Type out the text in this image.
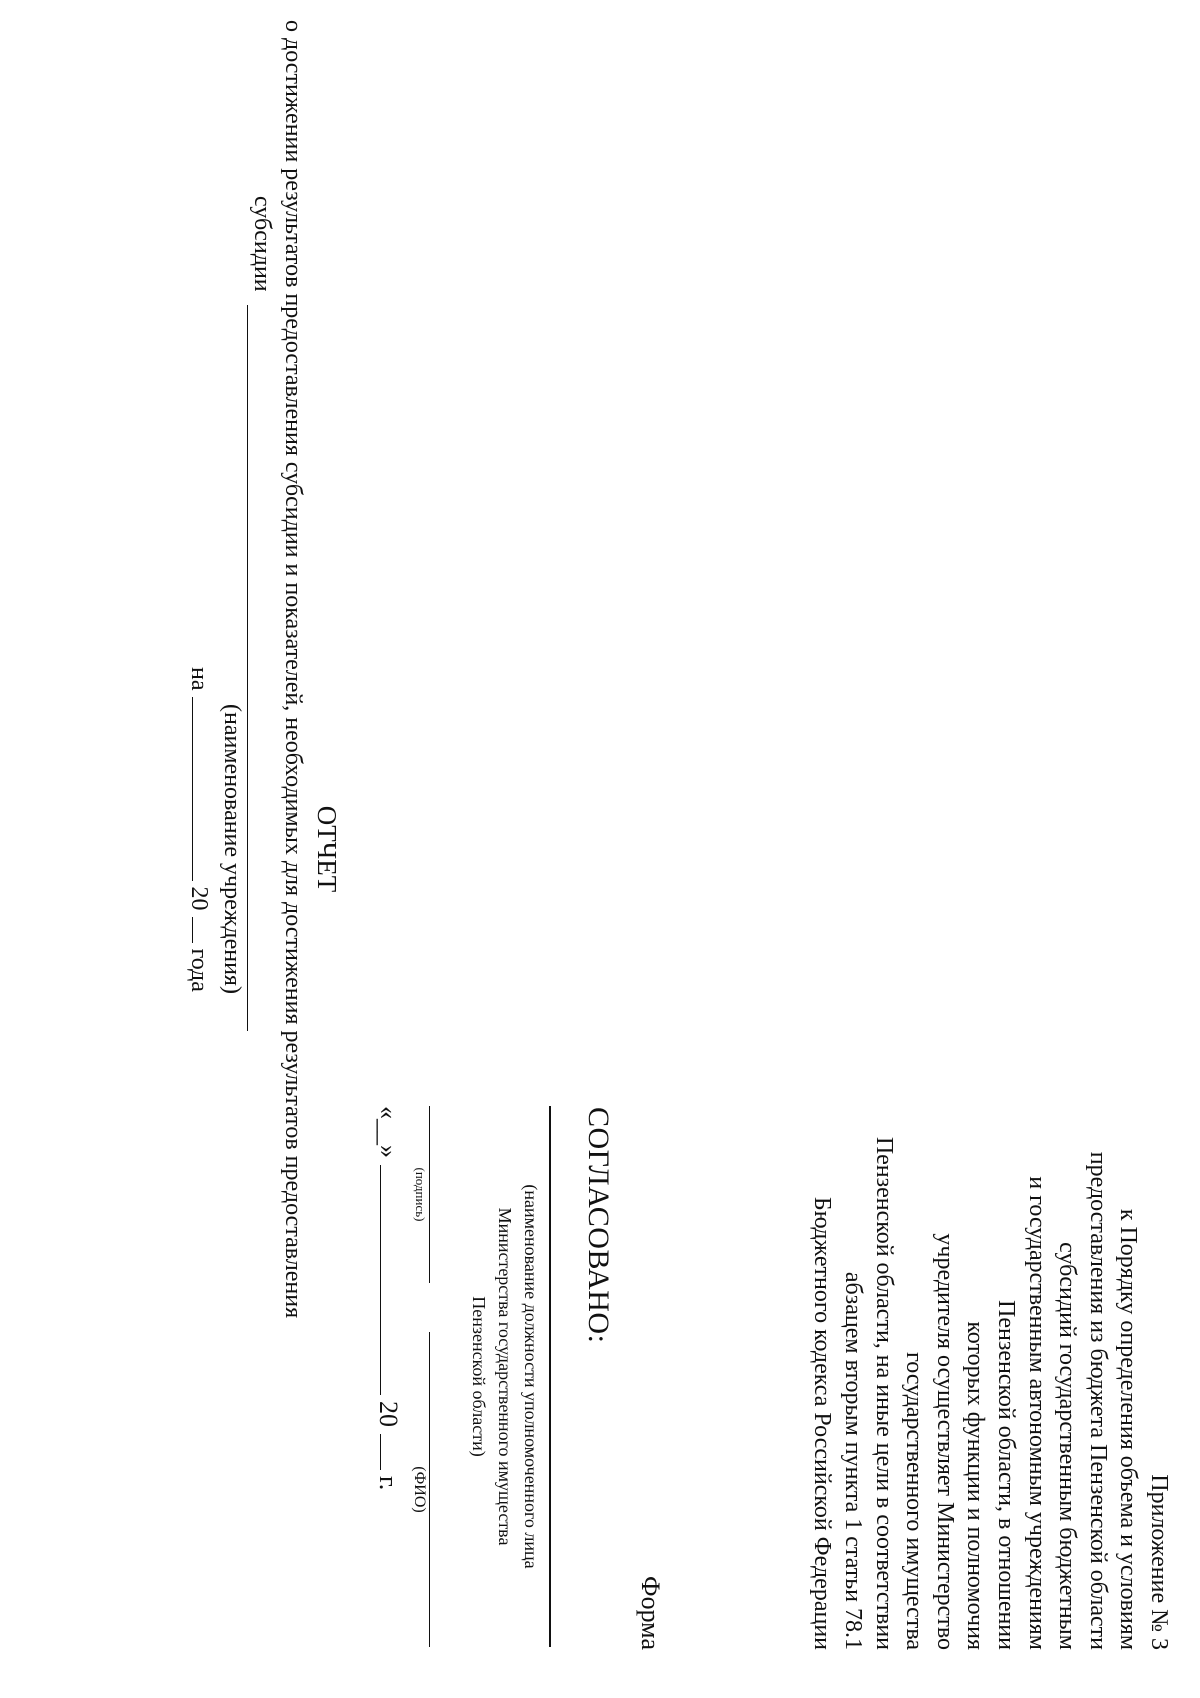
Приложение № 3
к Порядку определения объема и условиям
предоставления из бюджета Пензенской области
субсидий государственным бюджетным
и государственным автономным учреждениям
Пензенской области, в отношении
которых функции и полномочия
учредителя осуществляет Министерство
государственного имущества
Пензенской области, на иные цели в соответствии
абзацем вторым пункта 1 статьи 78.1
Бюджетного кодекса Российской Федерации
Форма
СОГЛАСОВАНО:
(наименование должности уполномоченного лица
Министерства государственного имущества
Пензенской области)
(подпись)
(ФИО)
«__»  20  г.
ОТЧЕТ
о достижении результатов предоставления субсидии и показателей, необходимых для достижения результатов предоставления
субсидии
(наименование учреждения)
на  20  года
